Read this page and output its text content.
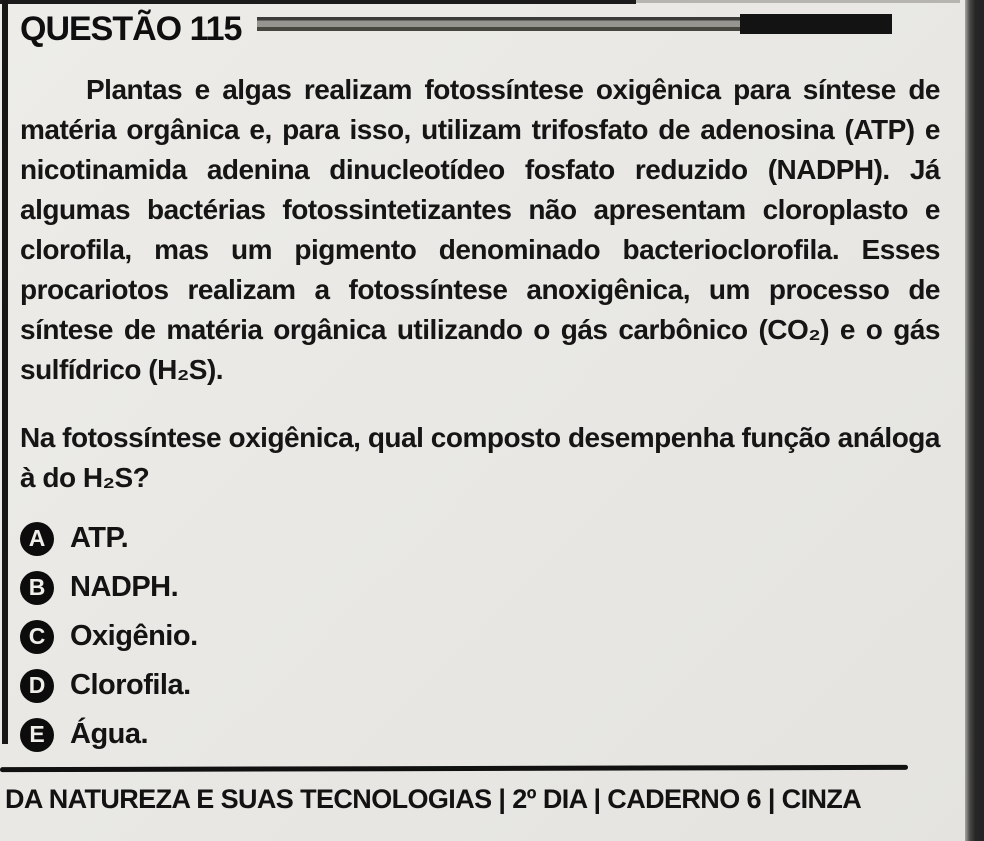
QUESTÃO 115

Plantas e algas realizam fotossíntese oxigênica para síntese de matéria orgânica e, para isso, utilizam trifosfato de adenosina (ATP) e nicotinamida adenina dinucleotídeo fosfato reduzido (NADPH). Já algumas bactérias fotossintetizantes não apresentam cloroplasto e clorofila, mas um pigmento denominado bacterioclorofila. Esses procariotos realizam a fotossíntese anoxigênica, um processo de síntese de matéria orgânica utilizando o gás carbônico (CO₂) e o gás sulfídrico (H₂S).

Na fotossíntese oxigênica, qual composto desempenha função análoga à do H₂S?

A ATP.
B NADPH.
C Oxigênio.
D Clorofila.
E Água.
DA NATUREZA E SUAS TECNOLOGIAS | 2º DIA | CADERNO 6 | CINZA
